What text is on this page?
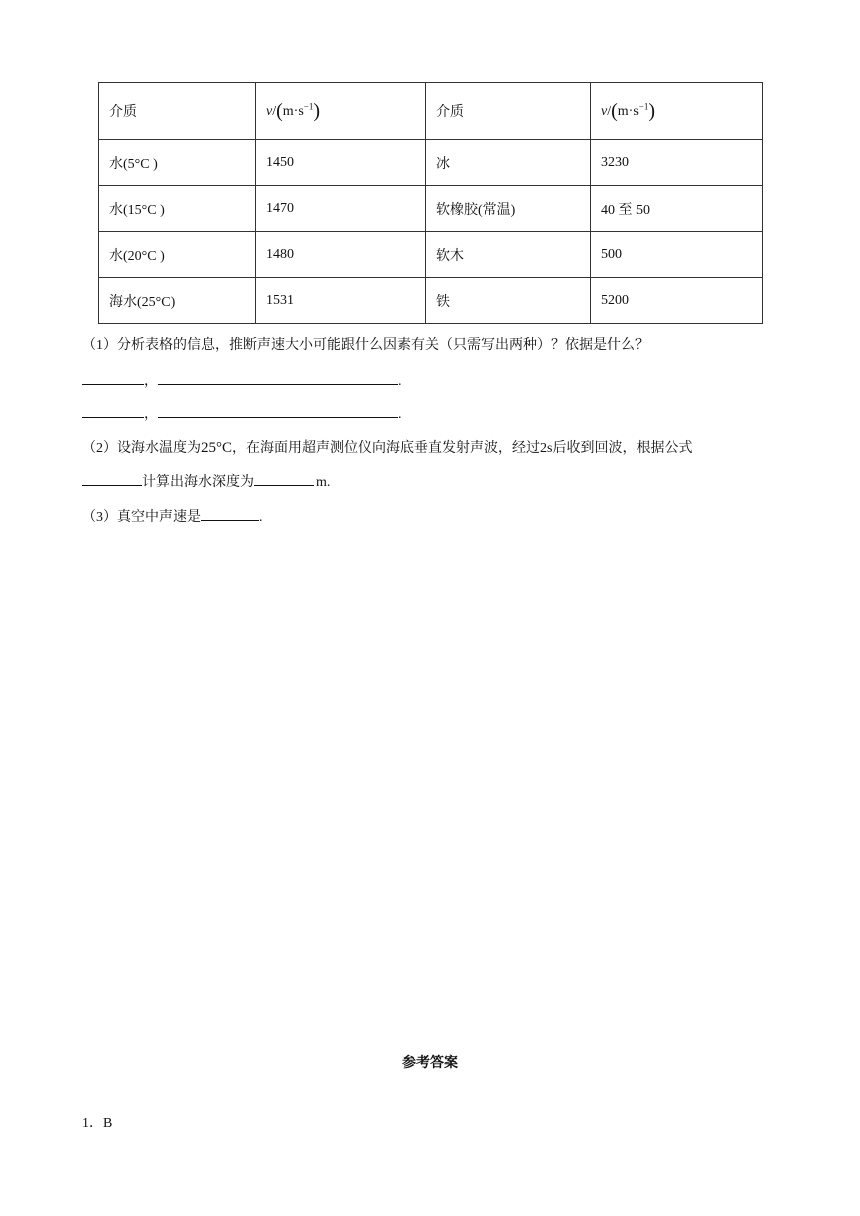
介质	$v/(m\cdot s^{-1})$	介质	$v/(m\cdot s^{-1})$
水(5°C )	1450	冰	3230
水(15°C )	1470	软橡胶(常温)	40 至 50
水(20°C )	1480	软木	500
海水(25°C)	1531	铁	5200
（1）分析表格的信息，推断声速大小可能跟什么因素有关（只需写出两种）？依据是什么？
，	.
，	.
（2）设海水温度为25°C，在海面用超声测位仪向海底垂直发射声波，经过2s后收到回波，根据公式
计算出海水深度为	m.
（3）真空中声速是	.
参考答案
1．B
